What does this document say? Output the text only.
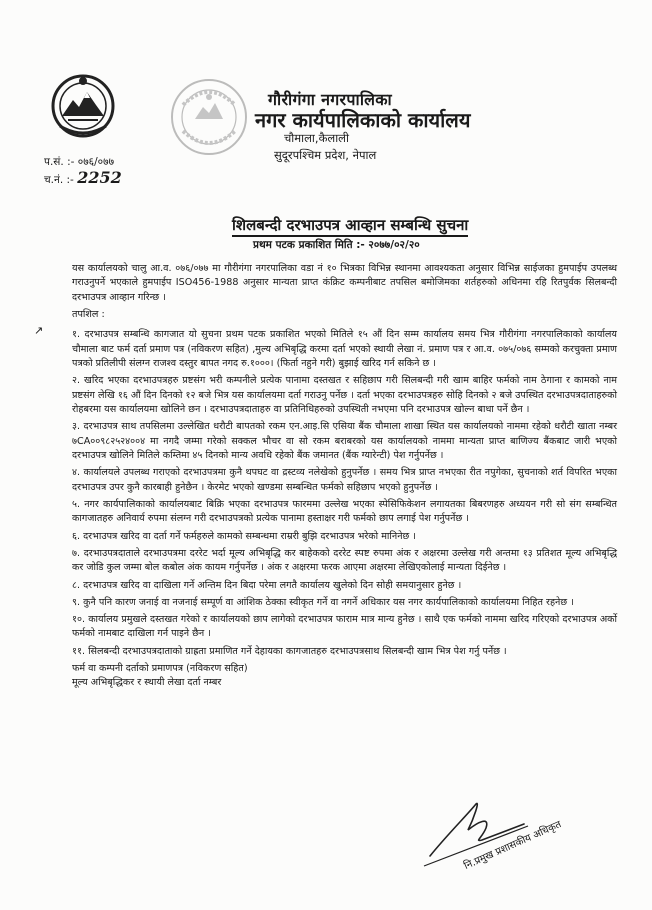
गौरीगंगा नगरपालिका
नगर कार्यपालिकाको कार्यालय
चौमाला,कैलाली
सुदूरपश्चिम प्रदेश, नेपाल
प.सं. :- ०७६/०७७
च.नं. :- 2252
शिलबन्दी दरभाउपत्र आव्हान सम्बन्धि सुचना
प्रथम पटक प्रकाशित मिति :- २०७७/०२/२०
↗

यस कार्यालयको चालु आ.व. ०७६/०७७ मा गौरीगंगा नगरपालिका वडा नं १० भित्रका विभिन्न स्थानमा आवश्यकता अनुसार विभिन्न साईजका हुमपाईप उपलब्ध गराउनुपर्ने भएकाले हुमपाईप ISO456-1988 अनुसार मान्यता प्राप्त कंक्रिट कम्पनीबाट तपसिल बमोजिमका शर्तहरुको अधिनमा रहि रितपुर्वक सिलबन्दी दरभाउपत्र आव्हान गरिन्छ ।

तपशिल :

१. दरभाउपत्र सम्बन्धि कागजात यो सुचना प्रथम पटक प्रकाशित भएको मितिले १५ औं दिन सम्म कार्यालय समय भित्र गौरीगंगा नगरपालिकाको कार्यालय चौमाला बाट फर्म दर्ता प्रमाण पत्र (नविकरण सहित) ,मुल्य अभिबृद्धि करमा दर्ता भएको स्थायी लेखा नं. प्रमाण पत्र र आ.व. ०७५/०७६ सम्मको करचुक्ता प्रमाण पत्रको प्रतिलीपी संलग्न राजश्व दस्तुर बापत नगद रु.१०००। (फिर्ता नहुने गरी) बुझाई खरिद गर्न सकिने छ ।

२. खरिद भएका दरभाउपत्रहरु प्रष्टसंग भरी कम्पनीले प्रत्येक पानामा दस्तखत र सहिछाप गरी सिलबन्दी गरी खाम बाहिर फर्मको नाम ठेगाना र कामको नाम प्रष्टसंग लेखि १६ औं दिन दिनको १२ बजे भित्र यस कार्यालयमा दर्ता गराउनु पर्नेछ । दर्ता भएका दरभाउपत्रहरु सोहि दिनको २ बजे उपस्थित दरभाउपत्रदाताहरुको रोहबरमा यस कार्यालयमा खोलिने छन । दरभाउपत्रदाताहरु वा प्रतिनिधिहरुको उपस्थिती नभएमा पनि दरभाउपत्र खोल्न बाधा पर्ने छैन ।

३. दरभाउपत्र साथ तपसिलमा उल्लेखित धरौटी बापतको रकम एन.आइ.सि एसिया बैंक चौमाला शाखा स्थित यस कार्यालयको नाममा रहेको धरौटी खाता नम्बर ७CA००९८२५२४००४ मा नगदै जम्मा गरेको सक्कल भौचर वा सो रकम बराबरको यस कार्यालयको नाममा मान्यता प्राप्त बाणिज्य बैंकबाट जारी भएको दरभाउपत्र खोलिने मितिले कम्तिमा ४५ दिनको मान्य अवधि रहेको बैंक जमानत (बैंक ग्यारेन्टी) पेश गर्नुपर्नेछ ।

४. कार्यालयले उपलब्ध गराएको दरभाउपत्रमा कुनै थपघट वा द्रस्टव्य नलेखेको हुनुपर्नेछ । समय भित्र प्राप्त नभएका रीत नपुगेका, सुचनाको शर्त विपरित भएका दरभाउपत्र उपर कुनै कारबाही हुनेछैन । केरमेट भएको खण्डमा सम्बन्धित फर्मको सहिछाप भएको हुनुपर्नेछ ।

५. नगर कार्यपालिकाको कार्यालयबाट बिक्रि भएका दरभाउपत्र फारममा उल्लेख भएका स्पेसिफिकेशन लगायतका बिबरणहरु अध्ययन गरी सो संग सम्बन्धित कागजातहरु अनिवार्य रुपमा संलग्न गरी दरभाउपत्रको प्रत्येक पानामा हस्ताक्षर गरी फर्मको छाप लगाई पेश गर्नुपर्नेछ ।

६. दरभाउपत्र खरिद वा दर्ता गर्ने फर्महरुले कामको सम्बन्धमा राम्ररी बुझि दरभाउपत्र भरेको मानिनेछ ।

७. दरभाउपत्रदाताले दरभाउपत्रमा दररेट भर्दा मूल्य अभिबृद्धि कर बाहेकको दररेट स्पष्ट रुपमा अंक र अक्षरमा उल्लेख गरी अन्तमा १३ प्रतिशत मूल्य अभिबृद्धि कर जोडि कुल जम्मा बोल कबोल अंक कायम गर्नुपर्नेछ । अंक र अक्षरमा फरक आएमा अक्षरमा लेखिएकोलाई मान्यता दिईनेछ ।

८. दरभाउपत्र खरिद वा दाखिला गर्ने अन्तिम दिन बिदा परेमा लगतै कार्यालय खुलेको दिन सोही समयानुसार हुनेछ ।

९. कुनै पनि कारण जनाई वा नजनाई सम्पूर्ण वा आंशिक ठेक्का स्वीकृत गर्ने वा नगर्ने अधिकार यस नगर कार्यपालिकाको कार्यालयमा निहित रहनेछ ।

१०. कार्यालय प्रमुखले दस्तखत गरेको र कार्यालयको छाप लागेको दरभाउपत्र फाराम मात्र मान्य हुनेछ । साथै एक फर्मको नाममा खरिद गरिएको दरभाउपत्र अर्को फर्मको नामबाट दाखिला गर्न पाइने छैन ।

११. सिलबन्दी दरभाउपत्रदाताको ग्राह्रता प्रमाणित गर्ने देहायका कागजातहरु दरभाउपत्रसाथ सिलबन्दी खाम भित्र पेश गर्नु पर्नेछ ।

फर्म वा कम्पनी दर्ताको प्रमाणपत्र (नविकरण सहित)

मूल्य अभिबृद्धिकर र स्थायी लेखा दर्ता नम्बर

नि.प्रमुख प्रशासकीय अधिकृत
